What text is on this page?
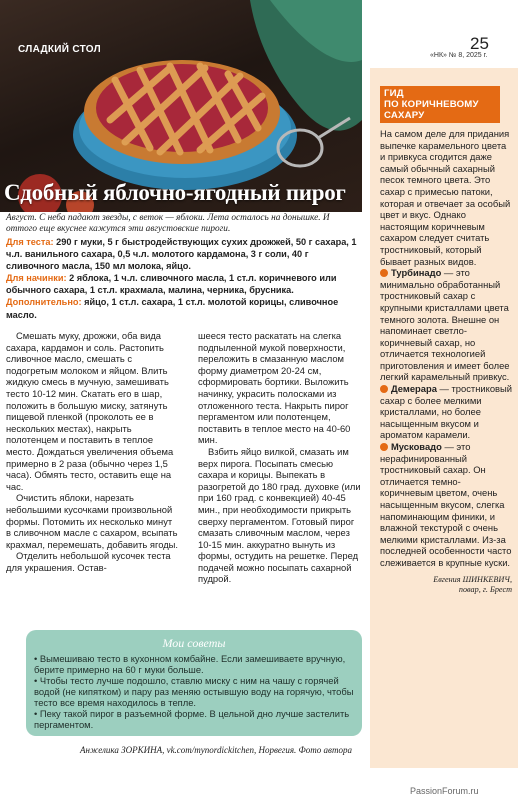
СЛАДКИЙ СТОЛ
Сдобный яблочно-ягодный пирог
25
«НК» № 8, 2025 г.
Август. С неба падают звезды, с веток — яблоки. Лета осталось на донышке. И оттого еще вкуснее кажутся эти августовские пироги.
Для теста: 290 г муки, 5 г быстродействующих сухих дрожжей, 50 г сахара, 1 ч.л. ванильного сахара, 0,5 ч.л. молотого кардамона, 3 г соли, 40 г сливочного масла, 150 мл молока, яйцо.
Для начинки: 2 яблока, 1 ч.л. сливочного масла, 1 ст.л. коричневого или обычного сахара, 1 ст.л. крахмала, малина, черника, брусника.
Дополнительно: яйцо, 1 ст.л. сахара, 1 ст.л. молотой корицы, сливочное масло.

Смешать муку, дрожжи, оба вида сахара, кардамон и соль. Растопить сливочное масло, смешать с подогретым молоком и яйцом. Влить жидкую смесь в мучную, замешивать тесто 10-12 мин. Скатать его в шар, положить в большую миску, затянуть пищевой пленкой (проколоть ее в нескольких местах), накрыть полотенцем и поставить в теплое место. Дождаться увеличения объема примерно в 2 раза (обычно через 1,5 часа). Обмять тесто, оставить еще на час.

Очистить яблоки, нарезать небольшими кусочками произвольной формы. Потомить их несколько минут в сливочном масле с сахаром, всыпать крахмал, перемешать, добавить ягоды.

Отделить небольшой кусочек теста для украшения. Остав-

шееся тесто раскатать на слегка подпыленной мукой поверхности, переложить в смазанную маслом форму диаметром 20-24 см, сформировать бортики. Выложить начинку, украсить полосками из отложенного теста. Накрыть пирог пергаментом или полотенцем, поставить в теплое место на 40-60 мин.

Взбить яйцо вилкой, смазать им верх пирога. Посыпать смесью сахара и корицы. Выпекать в разогретой до 180 град. духовке (или при 160 град. с конвекцией) 40-45 мин., при необходимости прикрыть сверху пергаментом. Готовый пирог смазать сливочным маслом, через 10-15 мин. аккуратно вынуть из формы, остудить на решетке. Перед подачей можно посыпать сахарной пудрой.

Мои советы
• Вымешиваю тесто в кухонном комбайне. Если замешиваете вручную, берите примерно на 60 г муки больше.
• Чтобы тесто лучше подошло, ставлю миску с ним на чашу с горячей водой (не кипятком) и пару раз меняю остывшую воду на горячую, чтобы тесто все время находилось в тепле.
• Пеку такой пирог в разъемной форме. В цельной дно лучше застелить пергаментом.
Анжелика ЗОРКИНА, vk.com/mynordickitchen, Норвегия. Фото автора
ГИД
ПО КОРИЧНЕВОМУ
САХАРУ

На самом деле для придания выпечке карамельного цвета и привкуса сгодится даже самый обычный сахарный песок темного цвета. Это сахар с примесью патоки, которая и отвечает за особый цвет и вкус. Однако настоящим коричневым сахаром следует считать тростниковый, который бывает разных видов.

Турбинадо — это минимально обработанный тростниковый сахар с крупными кристаллами цвета темного золота. Внешне он напоминает светло-коричневый сахар, но отличается технологией приготовления и имеет более легкий карамельный привкус.

Демерара — тростниковый сахар с более мелкими кристаллами, но более насыщенным вкусом и ароматом карамели.

Мусковадо — это нерафинированный тростниковый сахар. Он отличается темно-коричневым цветом, очень насыщенным вкусом, слегка напоминающим финики, и влажной текстурой с очень мелкими кристаллами. Из-за последней особенности часто слеживается в крупные куски.

Евгения ШИНКЕВИЧ,
повар, г. Брест
PassionForum.ru
